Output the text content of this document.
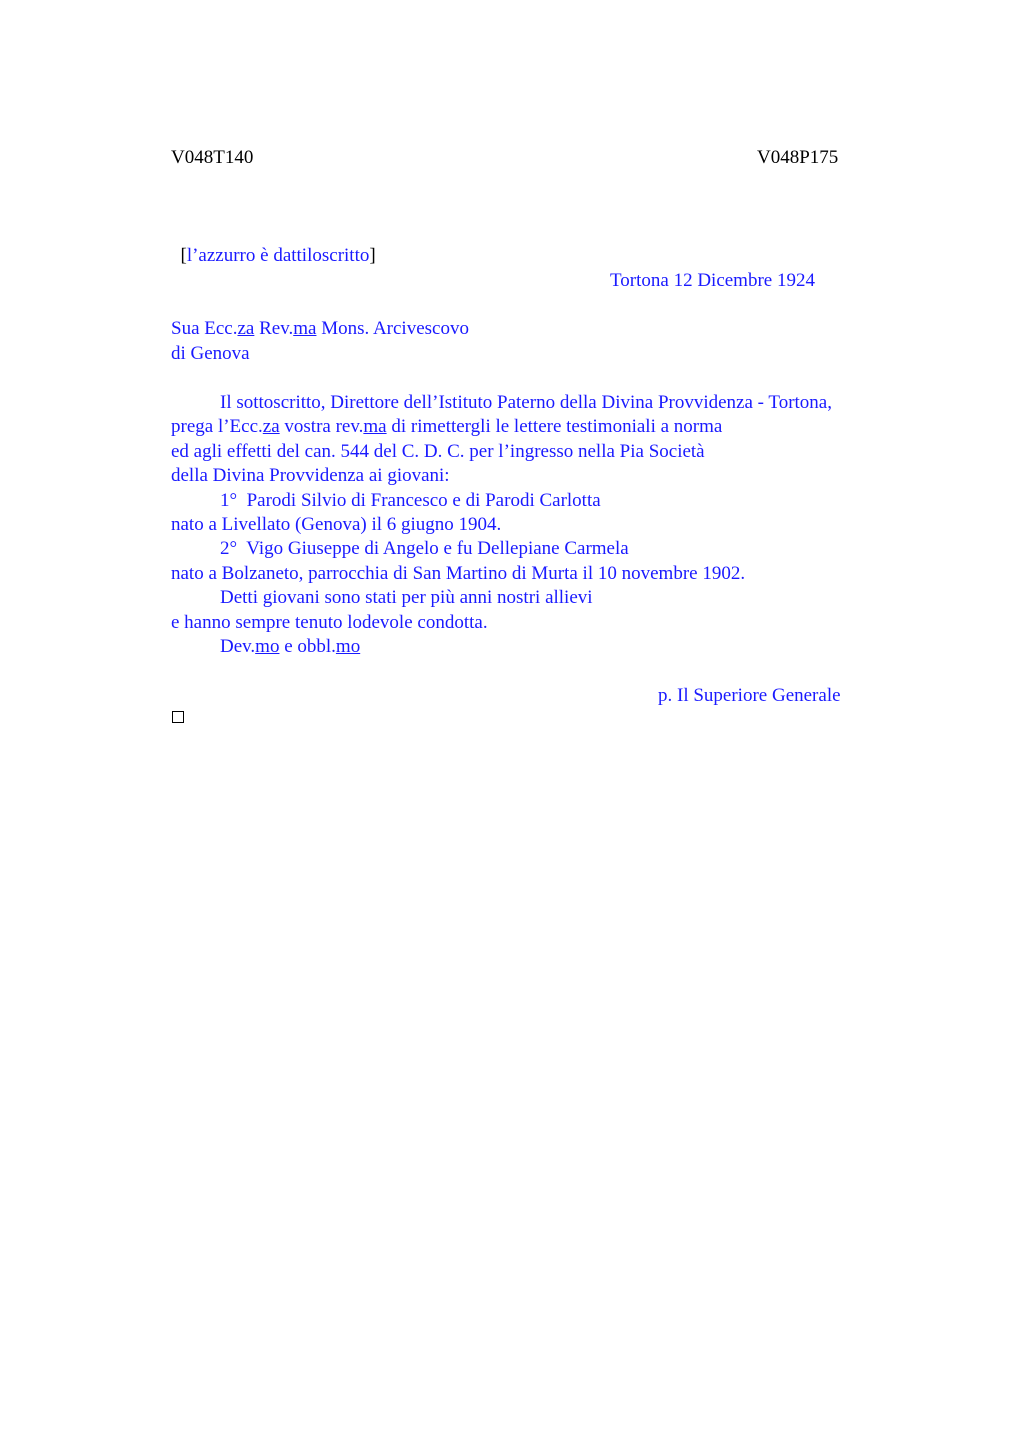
V048T140	V048P175

[l’azzurro è dattiloscritto]

Tortona 12 Dicembre 1924
Sua Ecc.za Rev.ma Mons. Arcivescovo
di Genova
Il sottoscritto, Direttore dell’Istituto Paterno della Divina Provvidenza - Tortona,
prega l’Ecc.za vostra rev.ma di rimettergli le lettere testimoniali a norma
ed agli effetti del can. 544 del C. D. C. per l’ingresso nella Pia Società
della Divina Provvidenza ai giovani:
1°  Parodi Silvio di Francesco e di Parodi Carlotta
nato a Livellato (Genova) il 6 giugno 1904.
2°  Vigo Giuseppe di Angelo e fu Dellepiane Carmela
nato a Bolzaneto, parrocchia di San Martino di Murta il 10 novembre 1902.
Detti giovani sono stati per più anni nostri allievi
e hanno sempre tenuto lodevole condotta.
Dev.mo e obbl.mo
p. Il Superiore Generale
